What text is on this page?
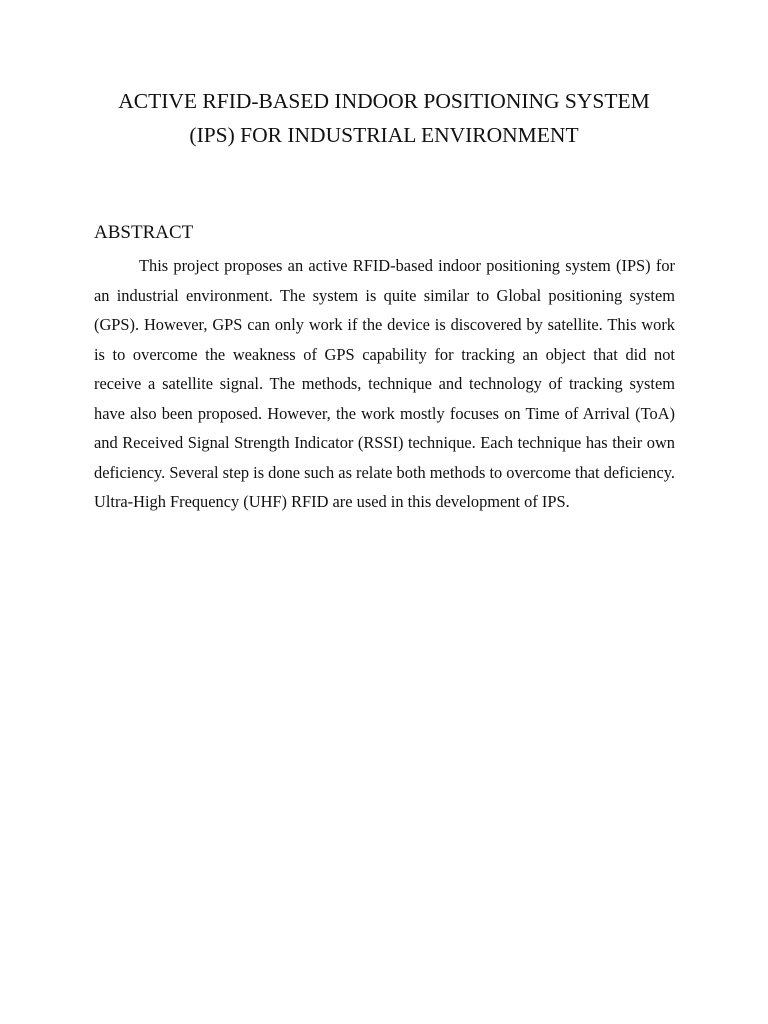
ACTIVE RFID-BASED INDOOR POSITIONING SYSTEM
(IPS) FOR INDUSTRIAL ENVIRONMENT
ABSTRACT

This project proposes an active RFID-based indoor positioning system (IPS) for an industrial environment. The system is quite similar to Global positioning system (GPS). However, GPS can only work if the device is discovered by satellite. This work is to overcome the weakness of GPS capability for tracking an object that did not receive a satellite signal. The methods, technique and technology of tracking system have also been proposed. However, the work mostly focuses on Time of Arrival (ToA) and Received Signal Strength Indicator (RSSI) technique. Each technique has their own deficiency. Several step is done such as relate both methods to overcome that deficiency. Ultra-High Frequency (UHF) RFID are used in this development of IPS.
